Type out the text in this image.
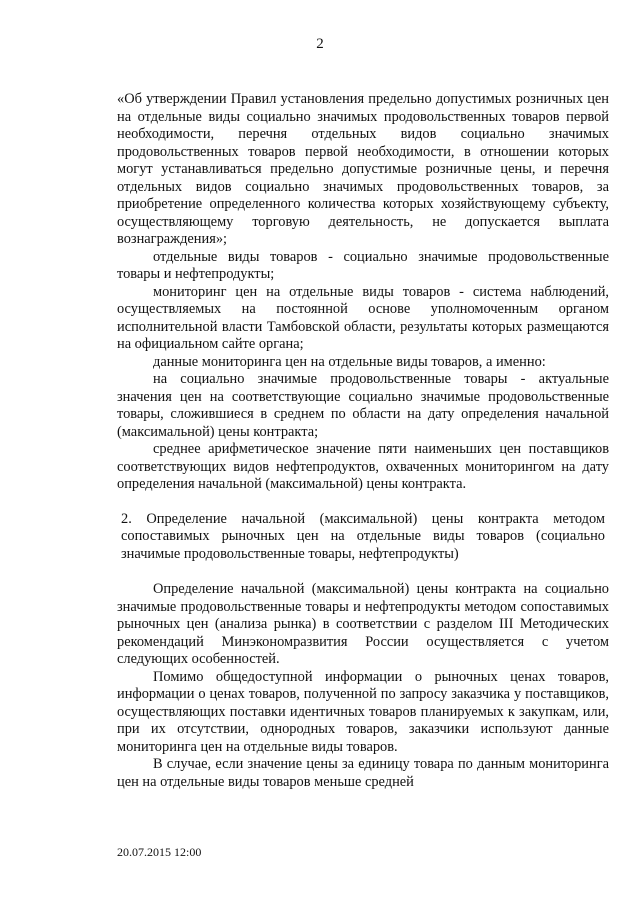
2

«Об утверждении Правил установления предельно допустимых розничных цен на отдельные виды социально значимых продовольственных товаров первой необходимости, перечня отдельных видов социально значимых продовольственных товаров первой необходимости, в отношении которых могут устанавливаться предельно допустимые розничные цены, и перечня отдельных видов социально значимых продовольственных товаров, за приобретение определенного количества которых хозяйствующему субъекту, осуществляющему торговую деятельность, не допускается выплата вознаграждения»;

отдельные виды товаров - социально значимые продовольственные товары и нефтепродукты;

мониторинг цен на отдельные виды товаров - система наблюдений, осуществляемых на постоянной основе уполномоченным органом исполнительной власти Тамбовской области, результаты которых размещаются на официальном сайте органа;

данные мониторинга цен на отдельные виды товаров, а именно:

на социально значимые продовольственные товары - актуальные значения цен на соответствующие социально значимые продовольственные товары, сложившиеся в среднем по области на дату определения начальной (максимальной) цены контракта;

среднее арифметическое значение пяти наименьших цен поставщиков соответствующих видов нефтепродуктов, охваченных мониторингом на дату определения начальной (максимальной) цены контракта.

2. Определение начальной (максимальной) цены контракта методом сопоставимых рыночных цен на отдельные виды товаров (социально значимые продовольственные товары, нефтепродукты)

Определение начальной (максимальной) цены контракта на социально значимые продовольственные товары и нефтепродукты методом сопоставимых рыночных цен (анализа рынка) в соответствии с разделом III Методических рекомендаций Минэкономразвития России осуществляется с учетом следующих особенностей.

Помимо общедоступной информации о рыночных ценах товаров, информации о ценах товаров, полученной по запросу заказчика у поставщиков, осуществляющих поставки идентичных товаров планируемых к закупкам, или, при их отсутствии, однородных товаров, заказчики используют данные мониторинга цен на отдельные виды товаров.

В случае, если значение цены за единицу товара по данным мониторинга цен на отдельные виды товаров меньше средней

20.07.2015 12:00
